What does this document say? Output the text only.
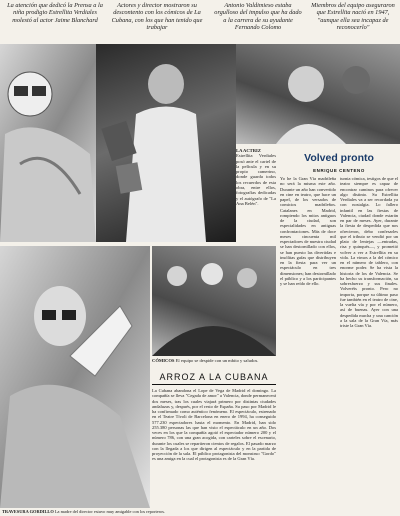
La atención que dedicó la Prensa a la niña prodigio Estrellita Verdiales molestó al actor Jaime Blanchard
Actores y director mostraron su descontento con los cómicos de La Cubana, con los que han tenido que trabajar
Antonio Valdimieso estaba orgulloso del impulso que ha dado a la carrera de su ayudante Fernando Colomo
Miembros del equipo aseguraron que Estrellita nació en 1947, "aunque ella sea incapaz de reconocerlo"
LA ACTRIZ
Estrellita Verdiales posó ante el cartel de la película y en su propio camerino, donde guarda todos los recuerdos de esta obra, entre ellos, fotografías dedicadas y el autógrafo de "La Ana Belén".
Volved pronto
ENRIQUE CENTENO
Yo he la Gran Vía madrileña no será la misma este año. Durante un año han convertido en cine en teatro, que hace un papel, de los versados de comicios madrileños. Catalanes en Madrid, rompiendo los mitos antiguos de la ciudad, son especialidades en antiguas confrontaciones. Más de doce meses cincuenta mil espectadores de nuestra ciudad se han destornillado con ellos, se han puesto las divertidas e insólitas gafas que distribuyen en la fiesta para ver un espectáculo en tres dimensiones; han destornillado el público y a los participantes y se han reído de ello.
turnia cómica, testigos de que el teatro siempre es capaz de encontrar caminos para ofrecer algo distinto. Su Estrellita Verdiales va a ser recordada ya con nostalgia. Lo fallero infantil en las fiestas de Valencia, ciudad donde estarán en par de meses. Ayer, durante la fiesta de despedida que nos ofrecieron, debo confesarles que el tributo se vendió por un plato de lentejas —entradas, risa y quinqués—, y prometió volver a ver a Estrellita en su vida. La vimos a la del cómico en el número de tablero, con enorme poder. Se ha vista la historia de los de Valencia. Se ha hecho su transformación, su sobresfuerzo y sus finales. Volveréis pronto. Pero no importa, porque su último paso fue también en el teatro de cine, la vuelta vía y por el número, así de buenas. Ayer con una despedida mucha y una canción a la sala de la Gran Vía, más triste la Gran Vía.
CÓMICOS El equipo se despide con un mbito y saludos.
ARROZ A LA CUBANA
La Cubana abandona el Lope de Vega de Madrid el domingo. La compañía se lleva "Cegada de amor" a Valencia, donde permanecerá dos meses, tras los cuales viajará primero por distintas ciudades andaluzas y, después, por el resto de España. Su paso por Madrid le ha confirmado como auténtico fenómeno. El espectáculo, estrenado en el Teatre Tívoli de Barcelona en enero de 1994, ha conseguido 577.230 espectadores hasta el momento. En Madrid, han sido 255.380 personas las que han visto el espectáculo en un año. Dos veces en los que la compañía agotó el espectador número 200 y el número 786, con una gran acogida, con carteles sobre el escenario, durante los cuales se repartieron cientos de regalos. El pasado marzo con la llegada a los que dirigen al espectáculo y en la partida de proyección de la sala. El público protagonista del monstruo "Gordo" es una amiga en la cual el protagonista es de la Gran Vía.
TRAVESURA GORDILLO La madre del director estuvo muy amigable con los reporteros.
